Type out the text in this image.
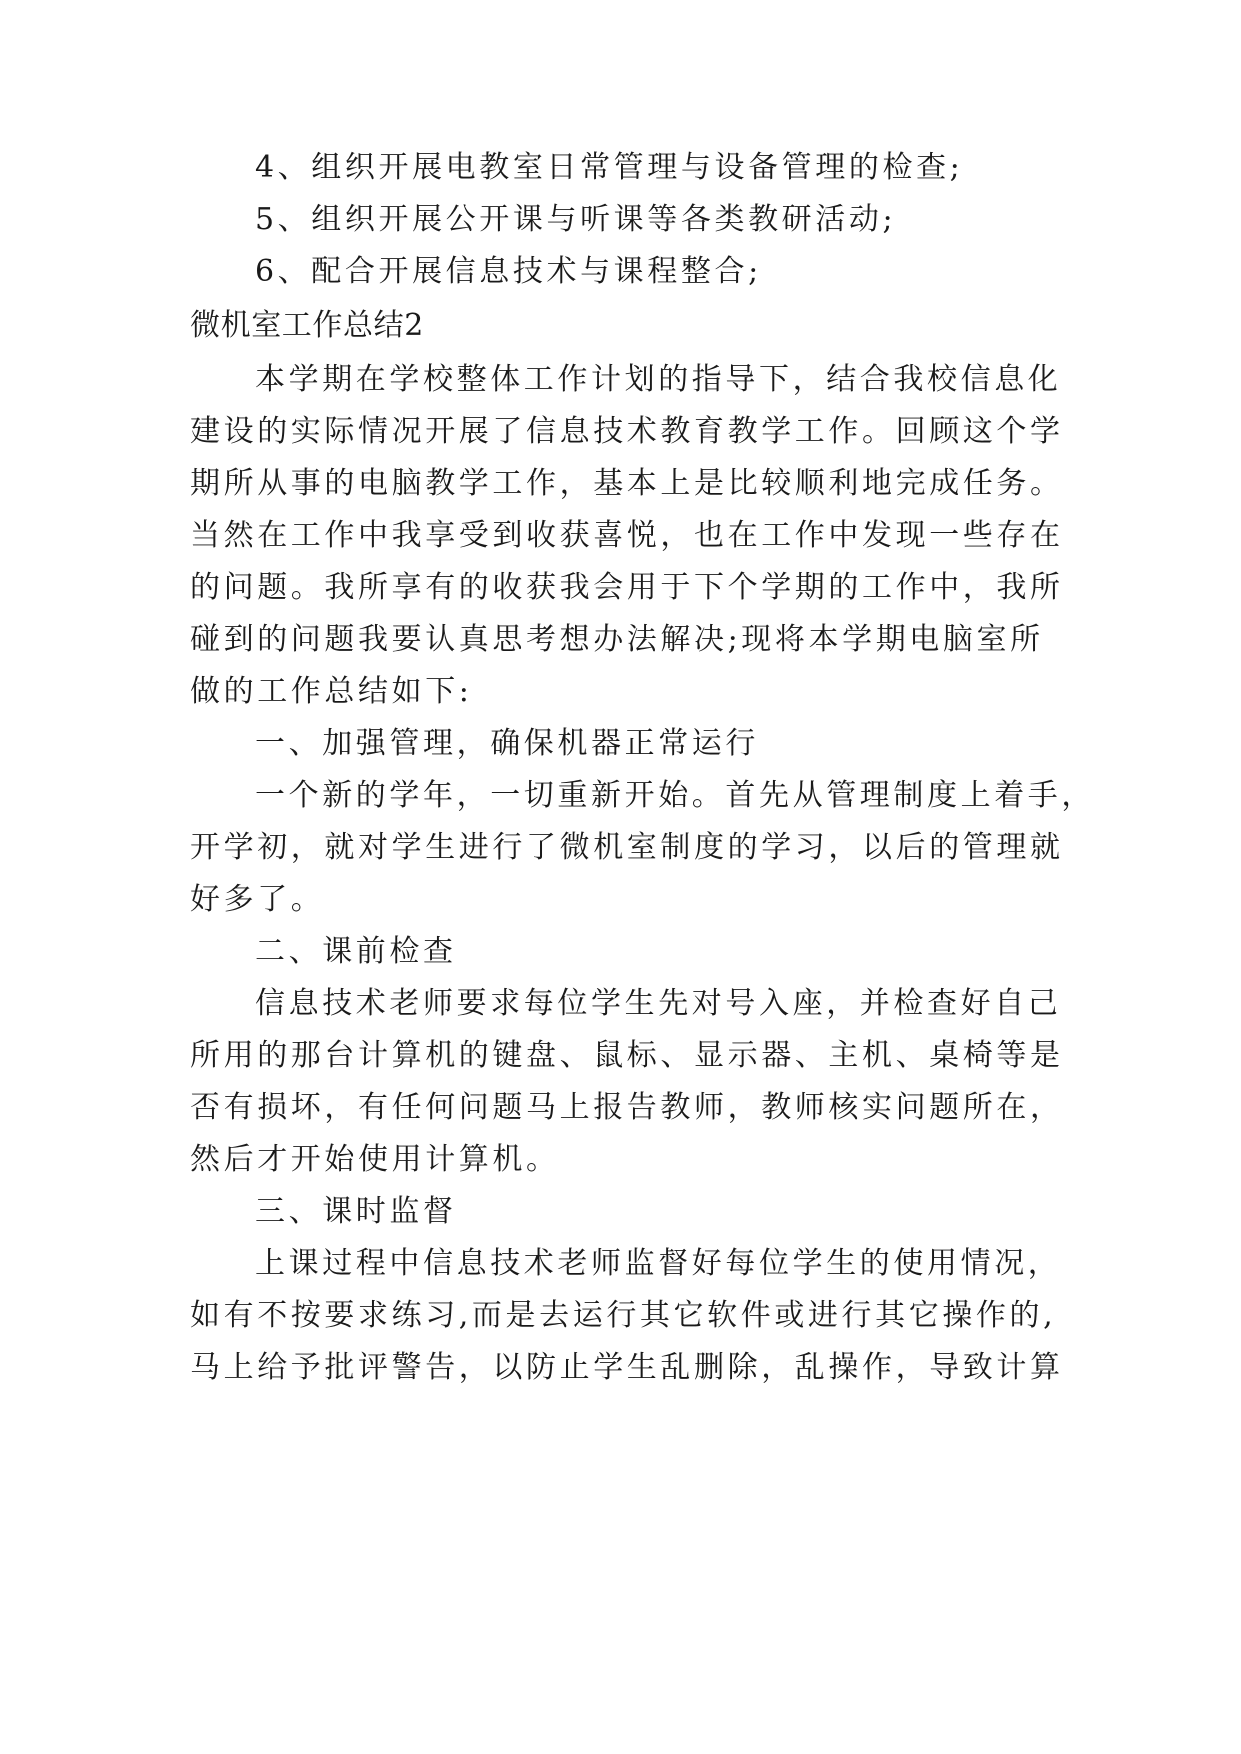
4、组织开展电教室日常管理与设备管理的检查;
5、组织开展公开课与听课等各类教研活动;
6、配合开展信息技术与课程整合;
微机室工作总结2
本学期在学校整体工作计划的指导下，结合我校信息化
建设的实际情况开展了信息技术教育教学工作。回顾这个学
期所从事的电脑教学工作，基本上是比较顺利地完成任务。
当然在工作中我享受到收获喜悦，也在工作中发现一些存在
的问题。我所享有的收获我会用于下个学期的工作中，我所
碰到的问题我要认真思考想办法解决;现将本学期电脑室所
做的工作总结如下:
一、加强管理，确保机器正常运行
一个新的学年，一切重新开始。首先从管理制度上着手，
开学初，就对学生进行了微机室制度的学习，以后的管理就
好多了。
二、课前检查
信息技术老师要求每位学生先对号入座，并检查好自己
所用的那台计算机的键盘、鼠标、显示器、主机、桌椅等是
否有损坏，有任何问题马上报告教师，教师核实问题所在，
然后才开始使用计算机。
三、课时监督
上课过程中信息技术老师监督好每位学生的使用情况，
如有不按要求练习,而是去运行其它软件或进行其它操作的,
马上给予批评警告，以防止学生乱删除，乱操作，导致计算
